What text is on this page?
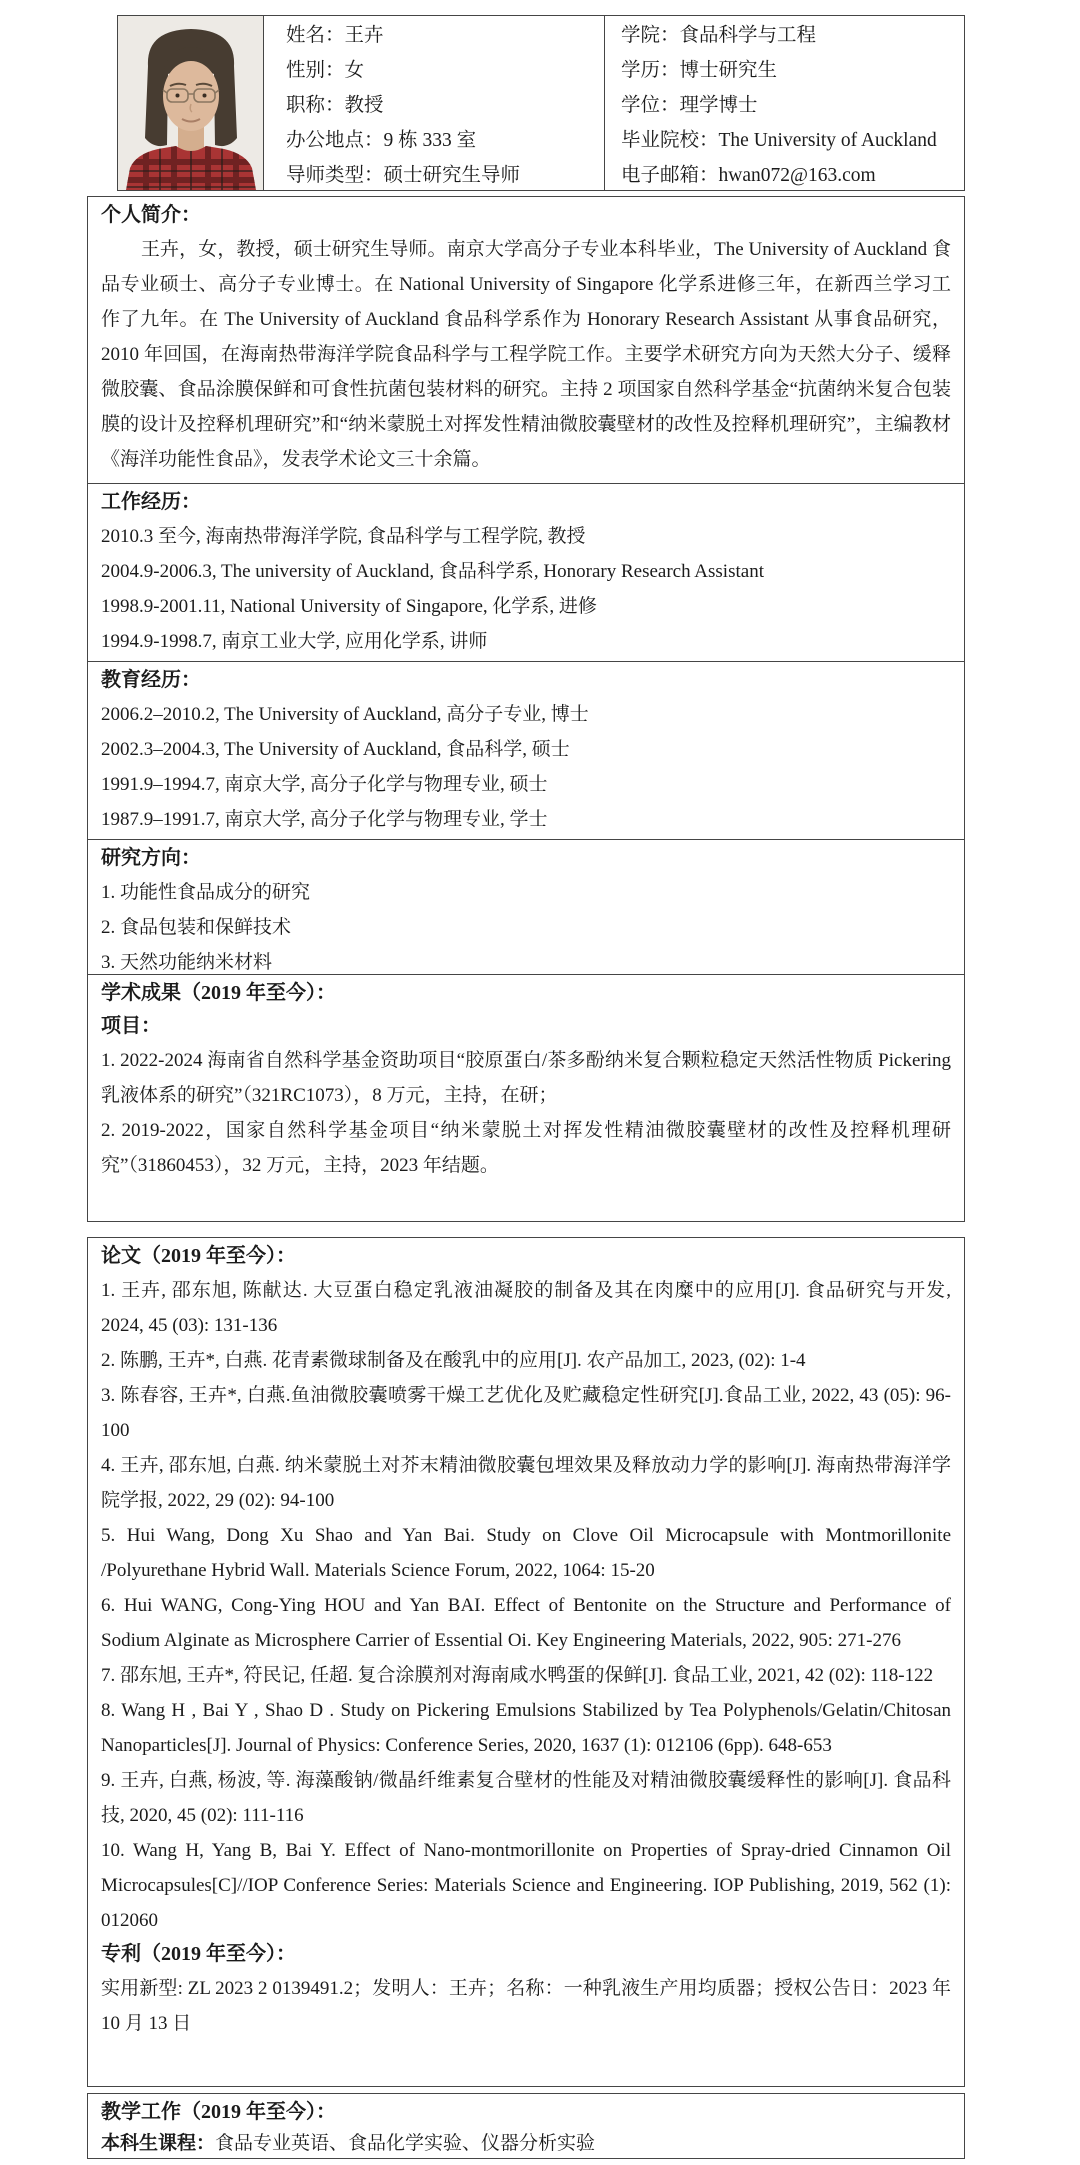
姓名：王卉
性别：女
职称：教授
办公地点：9 栋 333 室
导师类型：硕士研究生导师
学院：食品科学与工程
学历：博士研究生
学位：理学博士
毕业院校：The University of Auckland
电子邮箱：hwan072@163.com
个人简介：

王卉，女，教授，硕士研究生导师。南京大学高分子专业本科毕业，The University of Auckland 食品专业硕士、高分子专业博士。在 National University of Singapore 化学系进修三年，在新西兰学习工作了九年。在 The University of Auckland 食品科学系作为 Honorary Research Assistant 从事食品研究，2010 年回国，在海南热带海洋学院食品科学与工程学院工作。主要学术研究方向为天然大分子、缓释微胶囊、食品涂膜保鲜和可食性抗菌包装材料的研究。主持 2 项国家自然科学基金“抗菌纳米复合包装膜的设计及控释机理研究”和“纳米蒙脱土对挥发性精油微胶囊壁材的改性及控释机理研究”，主编教材《海洋功能性食品》，发表学术论文三十余篇。

工作经历：
2010.3 至今, 海南热带海洋学院, 食品科学与工程学院, 教授
2004.9-2006.3, The university of Auckland, 食品科学系, Honorary Research Assistant
1998.9-2001.11, National University of Singapore, 化学系, 进修
1994.9-1998.7, 南京工业大学, 应用化学系, 讲师
教育经历：
2006.2–2010.2, The University of Auckland, 高分子专业, 博士
2002.3–2004.3, The University of Auckland, 食品科学, 硕士
1991.9–1994.7, 南京大学, 高分子化学与物理专业, 硕士
1987.9–1991.7, 南京大学, 高分子化学与物理专业, 学士
研究方向：
1. 功能性食品成分的研究
2. 食品包装和保鲜技术
3. 天然功能纳米材料
学术成果（2019 年至今）：
项目：
1. 2022-2024 海南省自然科学基金资助项目“胶原蛋白/茶多酚纳米复合颗粒稳定天然活性物质 Pickering 乳液体系的研究”（321RC1073），8 万元，主持，在研；
2. 2019-2022，国家自然科学基金项目“纳米蒙脱土对挥发性精油微胶囊壁材的改性及控释机理研究”（31860453），32 万元，主持，2023 年结题。
论文（2019 年至今）：
1. 王卉, 邵东旭, 陈献达. 大豆蛋白稳定乳液油凝胶的制备及其在肉糜中的应用[J]. 食品研究与开发, 2024, 45 (03): 131-136
2. 陈鹏, 王卉*, 白燕. 花青素微球制备及在酸乳中的应用[J]. 农产品加工, 2023, (02): 1-4
3. 陈春容, 王卉*, 白燕.鱼油微胶囊喷雾干燥工艺优化及贮藏稳定性研究[J].食品工业, 2022, 43 (05): 96-100
4. 王卉, 邵东旭, 白燕. 纳米蒙脱土对芥末精油微胶囊包埋效果及释放动力学的影响[J]. 海南热带海洋学院学报, 2022, 29 (02): 94-100
5. Hui Wang, Dong Xu Shao and Yan Bai. Study on Clove Oil Microcapsule with Montmorillonite /Polyurethane Hybrid Wall. Materials Science Forum, 2022, 1064: 15-20
6. Hui WANG, Cong-Ying HOU and Yan BAI. Effect of Bentonite on the Structure and Performance of Sodium Alginate as Microsphere Carrier of Essential Oi. Key Engineering Materials, 2022, 905: 271-276
7. 邵东旭, 王卉*, 符民记, 任超. 复合涂膜剂对海南咸水鸭蛋的保鲜[J]. 食品工业, 2021, 42 (02): 118-122
8. Wang H , Bai Y , Shao D . Study on Pickering Emulsions Stabilized by Tea Polyphenols/Gelatin/Chitosan Nanoparticles[J]. Journal of Physics: Conference Series, 2020, 1637 (1): 012106 (6pp). 648-653
9. 王卉, 白燕, 杨波, 等. 海藻酸钠/微晶纤维素复合壁材的性能及对精油微胶囊缓释性的影响[J]. 食品科技, 2020, 45 (02): 111-116
10. Wang H, Yang B, Bai Y. Effect of Nano-montmorillonite on Properties of Spray-dried Cinnamon Oil Microcapsules[C]//IOP Conference Series: Materials Science and Engineering. IOP Publishing, 2019, 562 (1): 012060
专利（2019 年至今）：
实用新型: ZL 2023 2 0139491.2；发明人：王卉；名称：一种乳液生产用均质器；授权公告日：2023 年 10 月 13 日
教学工作（2019 年至今）：
本科生课程：食品专业英语、食品化学实验、仪器分析实验
